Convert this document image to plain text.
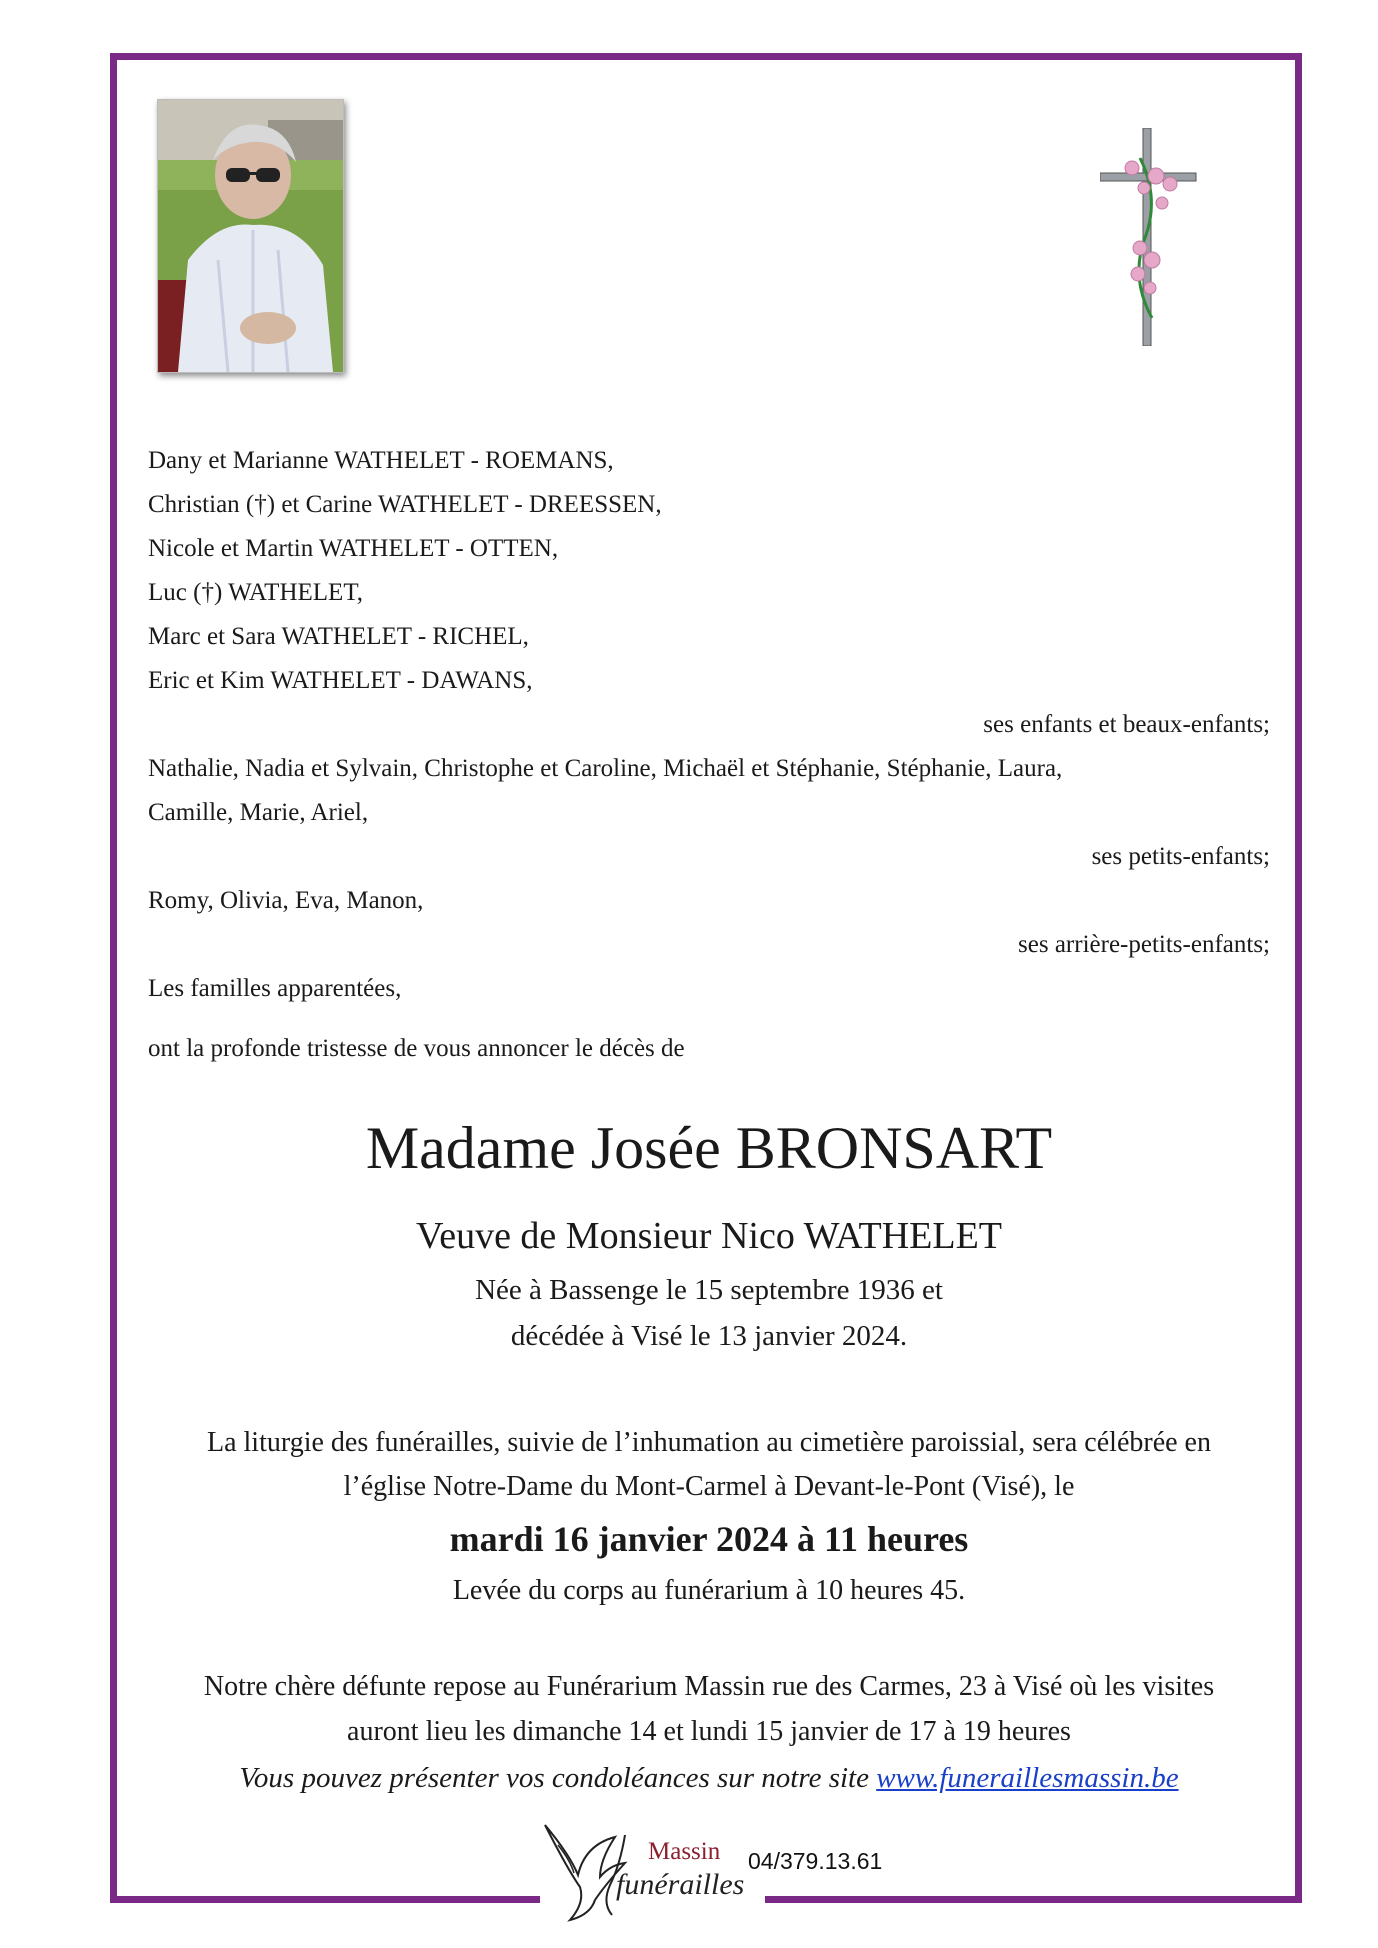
Dany et Marianne WATHELET - ROEMANS,

Christian (†) et Carine WATHELET - DREESSEN,

Nicole et Martin WATHELET - OTTEN,

Luc (†) WATHELET,

Marc et Sara WATHELET - RICHEL,

Eric et Kim WATHELET - DAWANS,

ses enfants et beaux-enfants;

Nathalie, Nadia et Sylvain, Christophe et Caroline, Michaël et Stéphanie, Stéphanie, Laura,

Camille, Marie, Ariel,

ses petits-enfants;

Romy, Olivia, Eva, Manon,

ses arrière-petits-enfants;

Les familles apparentées,

ont la profonde tristesse de vous annoncer le décès de

Madame Josée BRONSART
Veuve de Monsieur Nico WATHELET
Née à Bassenge le 15 septembre 1936 et
décédée à Visé le 13 janvier 2024.
La liturgie des funérailles, suivie de l’inhumation au cimetière paroissial, sera célébrée en
l’église Notre-Dame du Mont-Carmel à Devant-le-Pont (Visé), le
mardi 16 janvier 2024 à 11 heures
Levée du corps au funérarium à 10 heures 45.
Notre chère défunte repose au Funérarium Massin rue des Carmes, 23 à Visé où les visites
auront lieu les dimanche 14 et lundi 15 janvier de 17 à 19 heures
Vous pouvez présenter vos condoléances sur notre site www.funeraillesmassin.be
Massin
funérailles
04/379.13.61
